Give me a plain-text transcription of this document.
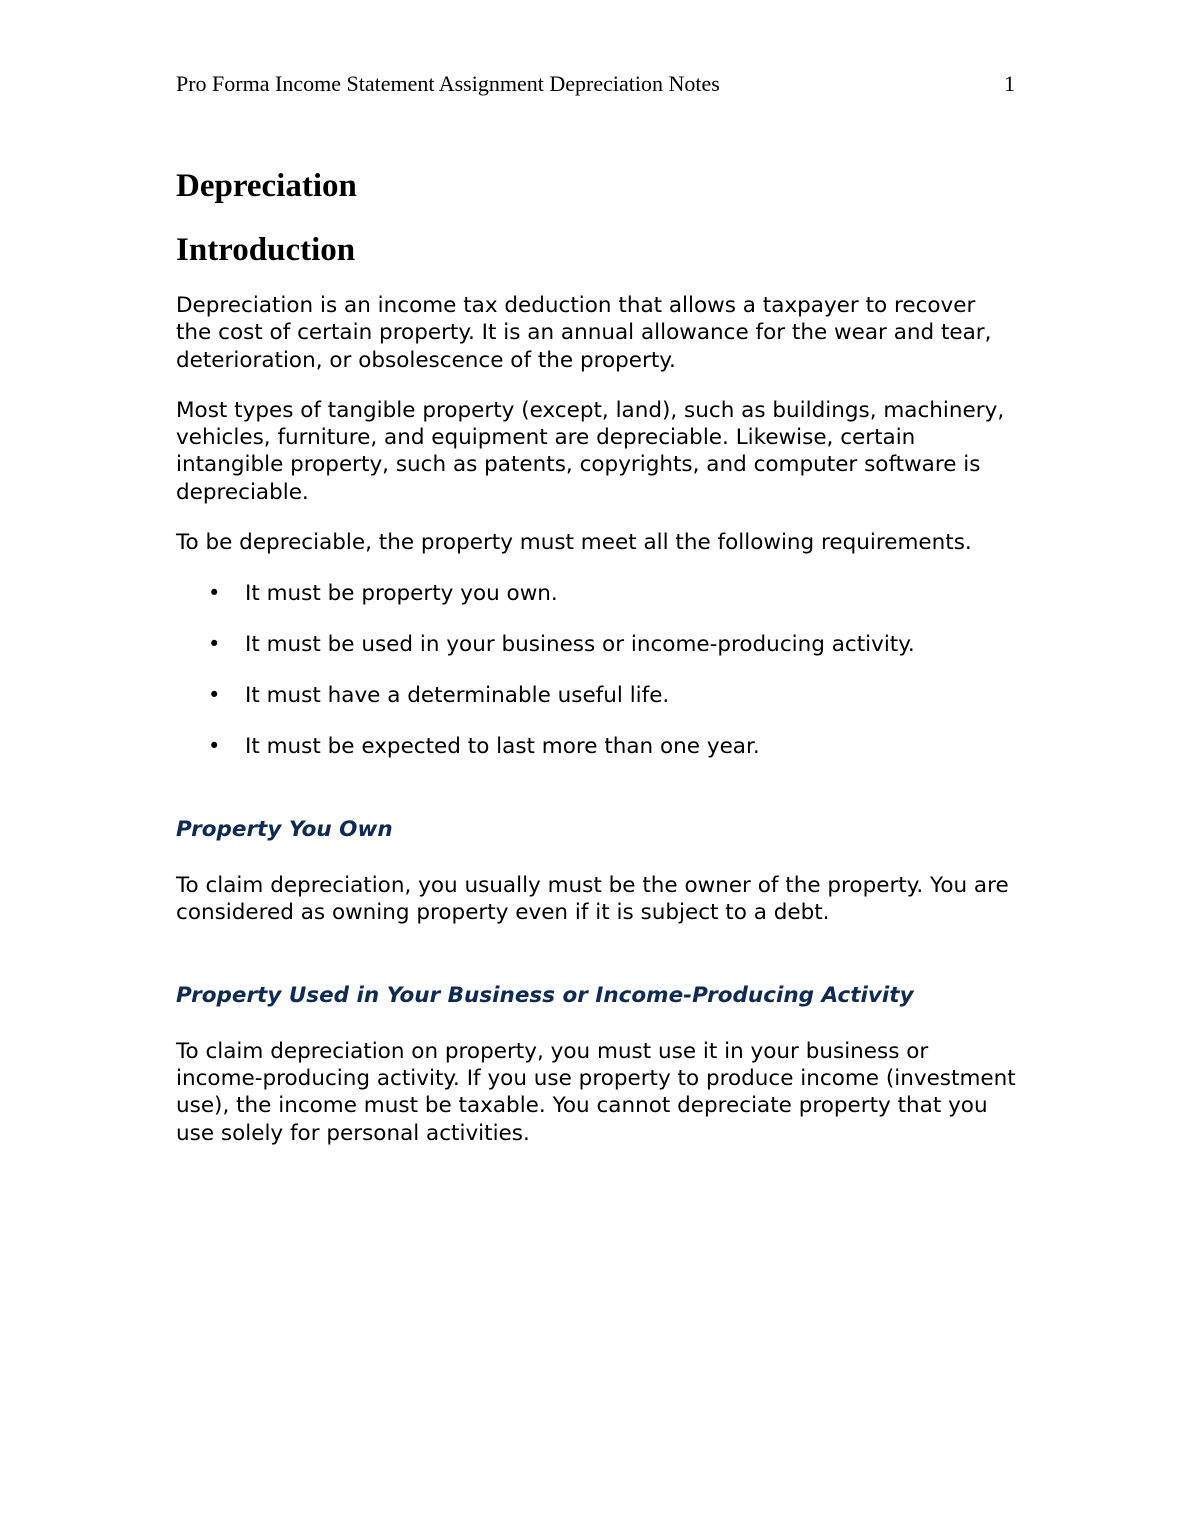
Pro Forma Income Statement Assignment Depreciation Notes	1
Depreciation
Introduction

Depreciation is an income tax deduction that allows a taxpayer to recover the cost of certain property. It is an annual allowance for the wear and tear, deterioration, or obsolescence of the property.

Most types of tangible property (except, land), such as buildings, machinery, vehicles, furniture, and equipment are depreciable. Likewise, certain intangible property, such as patents, copyrights, and computer software is depreciable.

To be depreciable, the property must meet all the following requirements.

• It must be property you own.
• It must be used in your business or income-producing activity.
• It must have a determinable useful life.
• It must be expected to last more than one year.
Property You Own

To claim depreciation, you usually must be the owner of the property. You are considered as owning property even if it is subject to a debt.

Property Used in Your Business or Income-Producing Activity

To claim depreciation on property, you must use it in your business or income-producing activity. If you use property to produce income (investment use), the income must be taxable. You cannot depreciate property that you use solely for personal activities.
